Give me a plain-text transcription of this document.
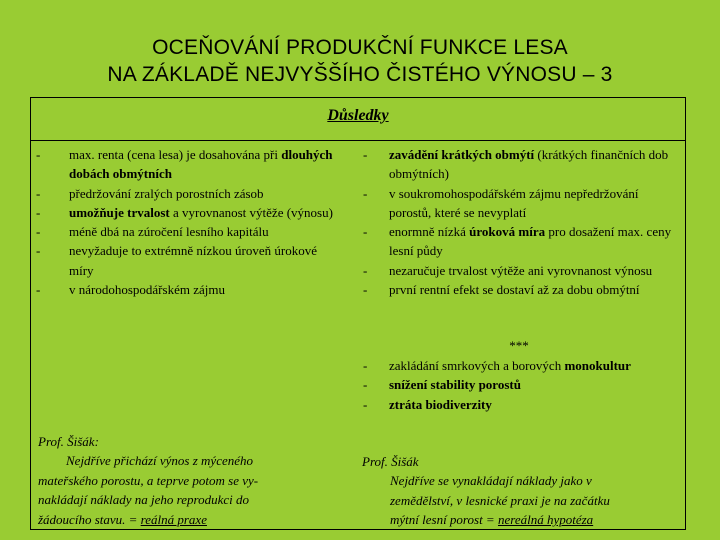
OCEŇOVÁNÍ PRODUKČNÍ FUNKCE LESA
NA ZÁKLADĚ NEJVYŠŠÍHO ČISTÉHO VÝNOSU – 3
Důsledky
-
max. renta (cena lesa) je dosahována při dlouhých dobách obmýtních
-
předržování zralých porostních zásob
-
umožňuje trvalost a vyrovnanost výtěže (výnosu)
-
méně dbá na zúročení lesního kapitálu
-
nevyžaduje to extrémně nízkou úroveň úrokové míry
-
v národohospodářském zájmu
-
zavádění krátkých obmýtí (krátkých finančních dob obmýtních)
-
v soukromohospodářském zájmu nepředržování porostů, které se nevyplatí
-
enormně nízká úroková míra pro dosažení max. ceny lesní půdy
-
nezaručuje trvalost výtěže ani vyrovnanost výnosu
-
první rentní efekt se dostaví až za dobu obmýtní
***
-
zakládání smrkových a borových monokultur
-
snížení stability porostů
-
ztráta biodiverzity
Prof. Šišák:
Nejdříve přichází výnos z mýceného
mateřského porostu, a teprve potom se vy-
nakládají náklady na jeho reprodukci do
žádoucího stavu. = reálná praxe
Prof. Šišák
Nejdříve se vynakládají náklady jako v
zemědělství, v lesnické praxi je na začátku
mýtní lesní porost = nereálná hypotéza
